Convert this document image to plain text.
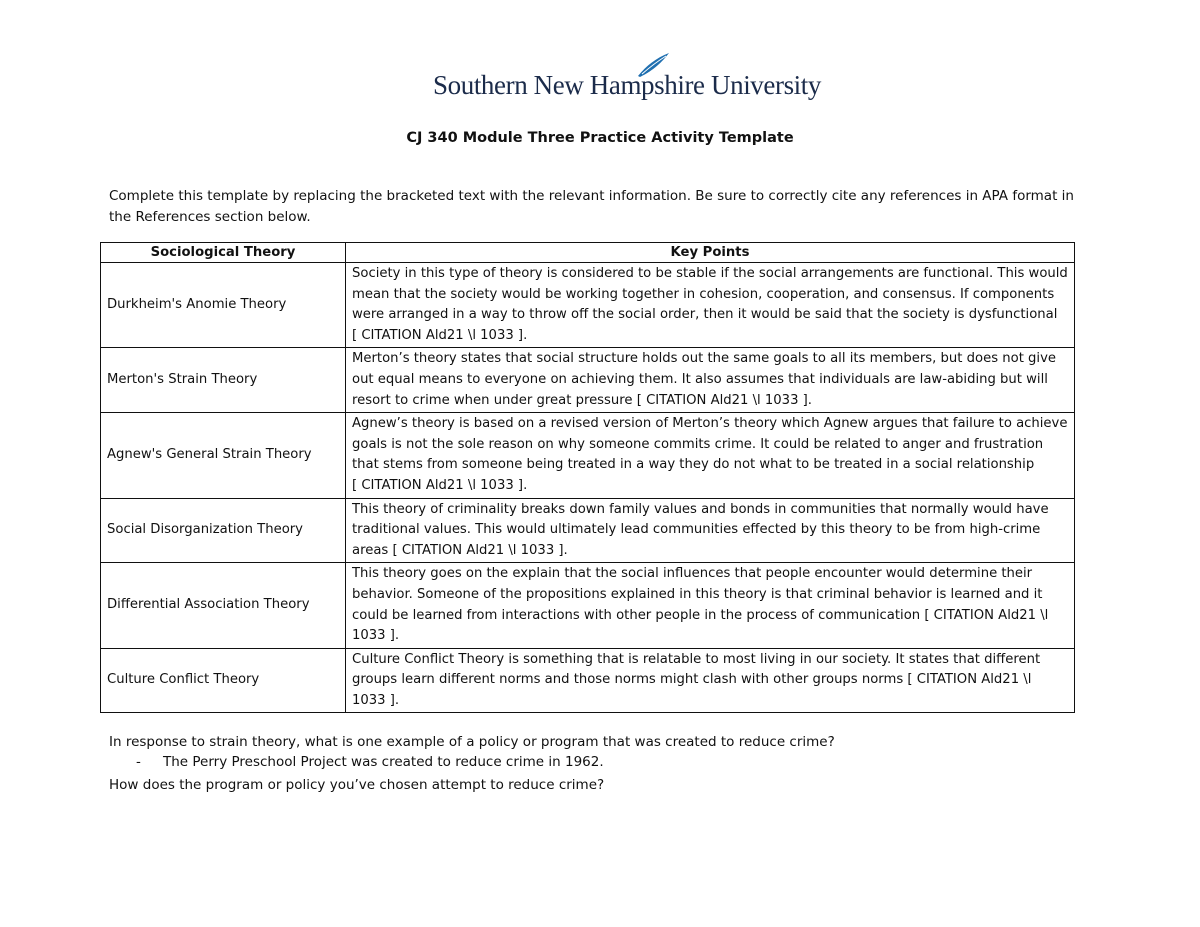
Southern New Hampshire University
CJ 340 Module Three Practice Activity Template
Complete this template by replacing the bracketed text with the relevant information. Be sure to correctly cite any references in APA format in the References section below.
Sociological Theory	Key Points
Durkheim's Anomie Theory	Society in this type of theory is considered to be stable if the social arrangements are functional. This would mean that the society would be working together in cohesion, cooperation, and consensus. If components were arranged in a way to throw off the social order, then it would be said that the society is dysfunctional [ CITATION Ald21 \l 1033 ].
Merton's Strain Theory	Merton’s theory states that social structure holds out the same goals to all its members, but does not give out equal means to everyone on achieving them. It also assumes that individuals are law-abiding but will resort to crime when under great pressure [ CITATION Ald21 \l 1033 ].
Agnew's General Strain Theory	Agnew’s theory is based on a revised version of Merton’s theory which Agnew argues that failure to achieve goals is not the sole reason on why someone commits crime. It could be related to anger and frustration that stems from someone being treated in a way they do not what to be treated in a social relationship [ CITATION Ald21 \l 1033 ].
Social Disorganization Theory	This theory of criminality breaks down family values and bonds in communities that normally would have traditional values. This would ultimately lead communities effected by this theory to be from high-crime areas [ CITATION Ald21 \l 1033 ].
Differential Association Theory	This theory goes on the explain that the social influences that people encounter would determine their behavior. Someone of the propositions explained in this theory is that criminal behavior is learned and it could be learned from interactions with other people in the process of communication [ CITATION Ald21 \l 1033 ].
Culture Conflict Theory	Culture Conflict Theory is something that is relatable to most living in our society. It states that different groups learn different norms and those norms might clash with other groups norms [ CITATION Ald21 \l 1033 ].
In response to strain theory, what is one example of a policy or program that was created to reduce crime?
- The Perry Preschool Project was created to reduce crime in 1962.
How does the program or policy you’ve chosen attempt to reduce crime?
